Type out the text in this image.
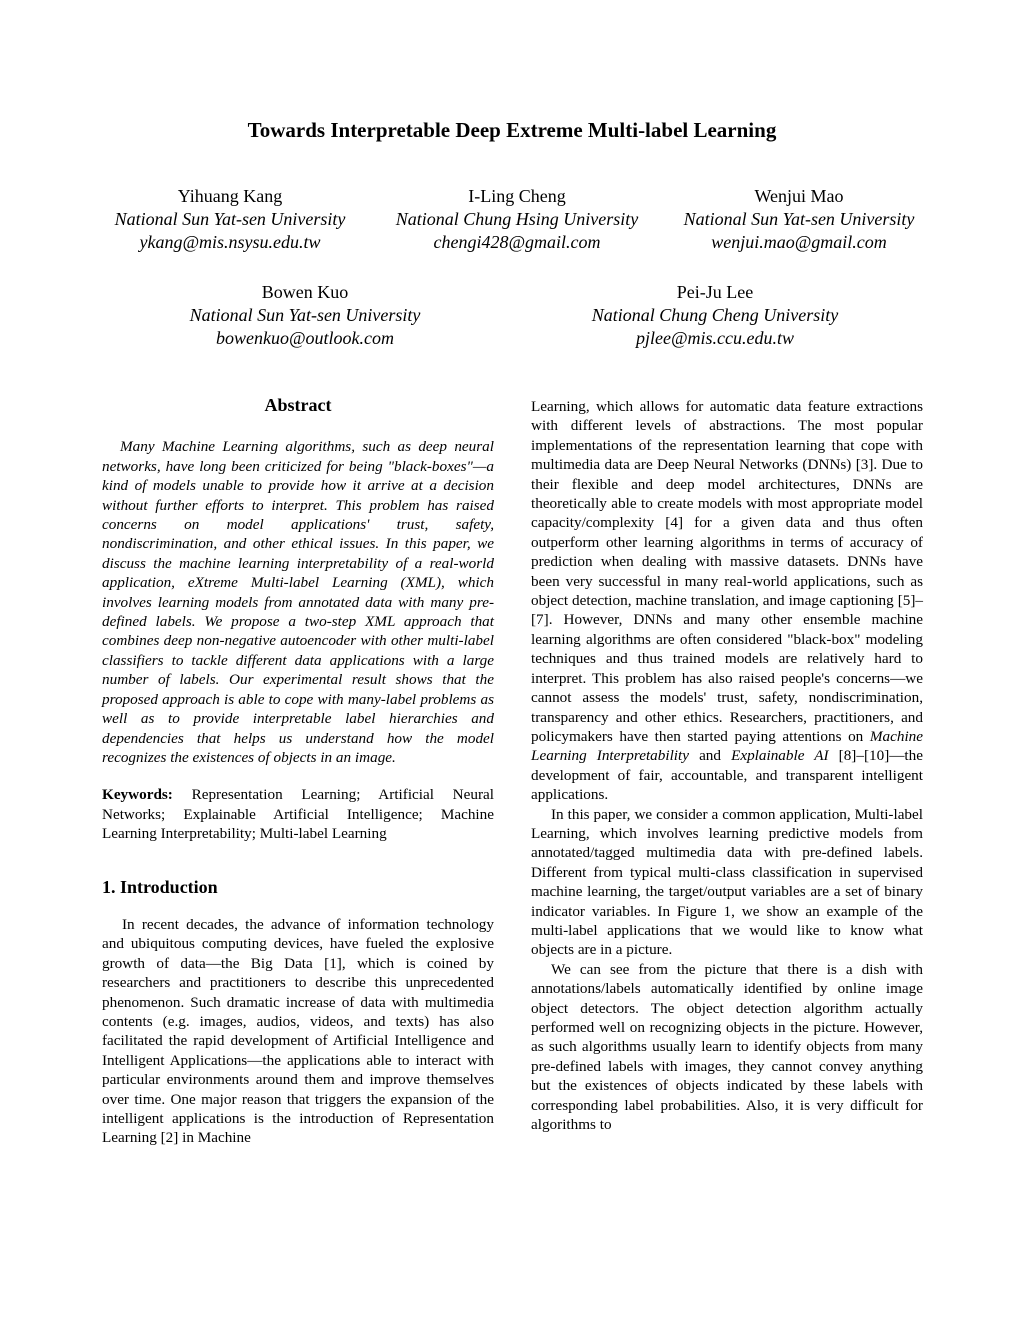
Towards Interpretable Deep Extreme Multi-label Learning
Yihuang Kang
National Sun Yat-sen University
ykang@mis.nsysu.edu.tw
I-Ling Cheng
National Chung Hsing University
chengi428@gmail.com
Wenjui Mao
National Sun Yat-sen University
wenjui.mao@gmail.com
Bowen Kuo
National Sun Yat-sen University
bowenkuo@outlook.com
Pei-Ju Lee
National Chung Cheng University
pjlee@mis.ccu.edu.tw
Abstract

Many Machine Learning algorithms, such as deep neural networks, have long been criticized for being "black-boxes"—a kind of models unable to provide how it arrive at a decision without further efforts to interpret. This problem has raised concerns on model applications' trust, safety, nondiscrimination, and other ethical issues. In this paper, we discuss the machine learning interpretability of a real-world application, eXtreme Multi-label Learning (XML), which involves learning models from annotated data with many pre-defined labels. We propose a two-step XML approach that combines deep non-negative autoencoder with other multi-label classifiers to tackle different data applications with a large number of labels. Our experimental result shows that the proposed approach is able to cope with many-label problems as well as to provide interpretable label hierarchies and dependencies that helps us understand how the model recognizes the existences of objects in an image.

Keywords: Representation Learning; Artificial Neural Networks; Explainable Artificial Intelligence; Machine Learning Interpretability; Multi-label Learning

1. Introduction

In recent decades, the advance of information technology and ubiquitous computing devices, have fueled the explosive growth of data—the Big Data [1], which is coined by researchers and practitioners to describe this unprecedented phenomenon. Such dramatic increase of data with multimedia contents (e.g. images, audios, videos, and texts) has also facilitated the rapid development of Artificial Intelligence and Intelligent Applications—the applications able to interact with particular environments around them and improve themselves over time. One major reason that triggers the expansion of the intelligent applications is the introduction of Representation Learning [2] in Machine

Learning, which allows for automatic data feature extractions with different levels of abstractions. The most popular implementations of the representation learning that cope with multimedia data are Deep Neural Networks (DNNs) [3]. Due to their flexible and deep model architectures, DNNs are theoretically able to create models with most appropriate model capacity/complexity [4] for a given data and thus often outperform other learning algorithms in terms of accuracy of prediction when dealing with massive datasets. DNNs have been very successful in many real-world applications, such as object detection, machine translation, and image captioning [5]–[7]. However, DNNs and many other ensemble machine learning algorithms are often considered "black-box" modeling techniques and thus trained models are relatively hard to interpret. This problem has also raised people's concerns—we cannot assess the models' trust, safety, nondiscrimination, transparency and other ethics. Researchers, practitioners, and policymakers have then started paying attentions on Machine Learning Interpretability and Explainable AI [8]–[10]—the development of fair, accountable, and transparent intelligent applications.

In this paper, we consider a common application, Multi-label Learning, which involves learning predictive models from annotated/tagged multimedia data with pre-defined labels. Different from typical multi-class classification in supervised machine learning, the target/output variables are a set of binary indicator variables. In Figure 1, we show an example of the multi-label applications that we would like to know what objects are in a picture.

We can see from the picture that there is a dish with annotations/labels automatically identified by online image object detectors. The object detection algorithm actually performed well on recognizing objects in the picture. However, as such algorithms usually learn to identify objects from many pre-defined labels with images, they cannot convey anything but the existences of objects indicated by these labels with corresponding label probabilities. Also, it is very difficult for algorithms to
